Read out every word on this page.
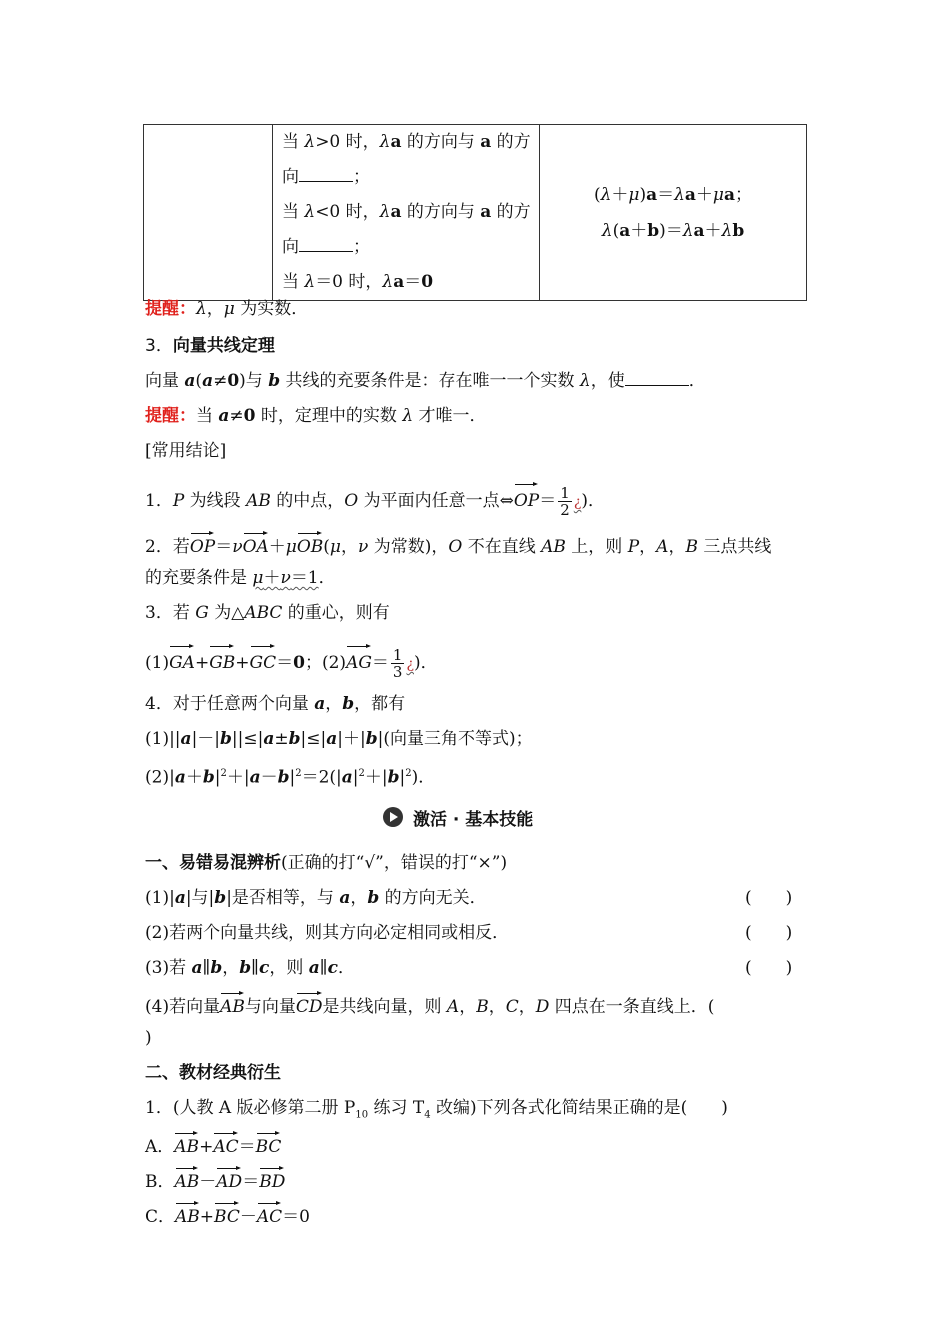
当 λ>0 时，λa 的方向与 a 的方
向	；
当 λ<0 时，λa 的方向与 a 的方
向	；
当 λ＝0 时，λa＝0

(λ＋μ)a＝λa＋μa；
λ(a＋b)＝λa＋λb
提醒：λ，μ 为实数．
3．向量共线定理
向量 a(a≠0)与 b 共线的充要条件是：存在唯一一个实数 λ，使	．
提醒：当 a≠0 时，定理中的实数 λ 才唯一．
[常用结论]
1．P 为线段 AB 的中点，O 为平面内任意一点⇔OP＝ $\frac{1}{2}$ ¿)．
2．若OP＝νOA＋μOB(μ，ν 为常数)，O 不在直线 AB 上，则 P，A，B 三点共线
的充要条件是 μ＋ν＝1．
3．若 G 为△ABC 的重心，则有
(1)GA+GB+GC＝0；$(2)AG= \frac{1}{3}$ ¿)．
4．对于任意两个向量 a，b，都有
(1)||a|－|b||≤|a±b|≤|a|＋|b|(向量三角不等式)；
$(2)|a+b|^2+|a-b|^2=2(|a|^2+|b|^2)$．
激活 · 基本技能
一、易错易混辨析(正确的打“√”，错误的打“×”)
(1)|a|与|b|是否相等，与 a，b 的方向无关．	(　　)
(2)若两个向量共线，则其方向必定相同或相反．	(　　)
(3)若 a∥b，b∥c，则 a∥c．	(　　)
(4)若向量AB与向量CD是共线向量，则 A，B，C，D 四点在一条直线上．(
)
二、教材经典衍生
1．(人教 A 版必修第二册 $P_{10}$ 练习 $T_4$ 改编)下列各式化简结果正确的是(　　)
A．AB+AC＝BC
B．AB－AD＝BD
C．AB+BC－AC＝0
